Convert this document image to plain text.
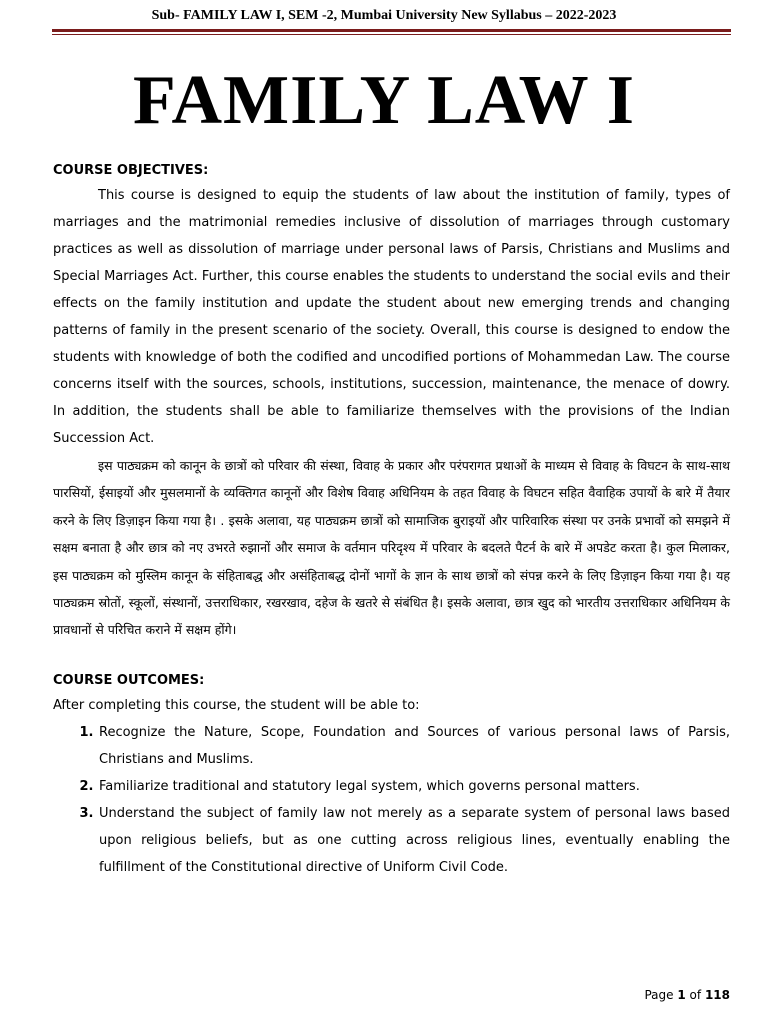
Sub- FAMILY LAW I, SEM -2, Mumbai University New Syllabus – 2022-2023
FAMILY LAW I

COURSE OBJECTIVES:

This course is designed to equip the students of law about the institution of family, types of marriages and the matrimonial remedies inclusive of dissolution of marriages through customary practices as well as dissolution of marriage under personal laws of Parsis, Christians and Muslims and Special Marriages Act. Further, this course enables the students to understand the social evils and their effects on the family institution and update the student about new emerging trends and changing patterns of family in the present scenario of the society. Overall, this course is designed to endow the students with knowledge of both the codified and uncodified portions of Mohammedan Law. The course concerns itself with the sources, schools, institutions, succession, maintenance, the menace of dowry. In addition, the students shall be able to familiarize themselves with the provisions of the Indian Succession Act.

इस पाठ्यक्रम को कानून के छात्रों को परिवार की संस्था, विवाह के प्रकार और परंपरागत प्रथाओं के माध्यम से विवाह के विघटन के साथ-साथ पारसियों, ईसाइयों और मुसलमानों के व्यक्तिगत कानूनों और विशेष विवाह अधिनियम के तहत विवाह के विघटन सहित वैवाहिक उपायों के बारे में तैयार करने के लिए डिज़ाइन किया गया है। . इसके अलावा, यह पाठ्यक्रम छात्रों को सामाजिक बुराइयों और पारिवारिक संस्था पर उनके प्रभावों को समझने में सक्षम बनाता है और छात्र को नए उभरते रुझानों और समाज के वर्तमान परिदृश्य में परिवार के बदलते पैटर्न के बारे में अपडेट करता है। कुल मिलाकर, इस पाठ्यक्रम को मुस्लिम कानून के संहिताबद्ध और असंहिताबद्ध दोनों भागों के ज्ञान के साथ छात्रों को संपन्न करने के लिए डिज़ाइन किया गया है। यह पाठ्यक्रम स्रोतों, स्कूलों, संस्थानों, उत्तराधिकार, रखरखाव, दहेज के खतरे से संबंधित है। इसके अलावा, छात्र खुद को भारतीय उत्तराधिकार अधिनियम के प्रावधानों से परिचित कराने में सक्षम होंगे।

COURSE OUTCOMES:

After completing this course, the student will be able to:

1. Recognize the Nature, Scope, Foundation and Sources of various personal laws of Parsis, Christians and Muslims.
2. Familiarize traditional and statutory legal system, which governs personal matters.
3. Understand the subject of family law not merely as a separate system of personal laws based upon religious beliefs, but as one cutting across religious lines, eventually enabling the fulfillment of the Constitutional directive of Uniform Civil Code.
Page 1 of 118
